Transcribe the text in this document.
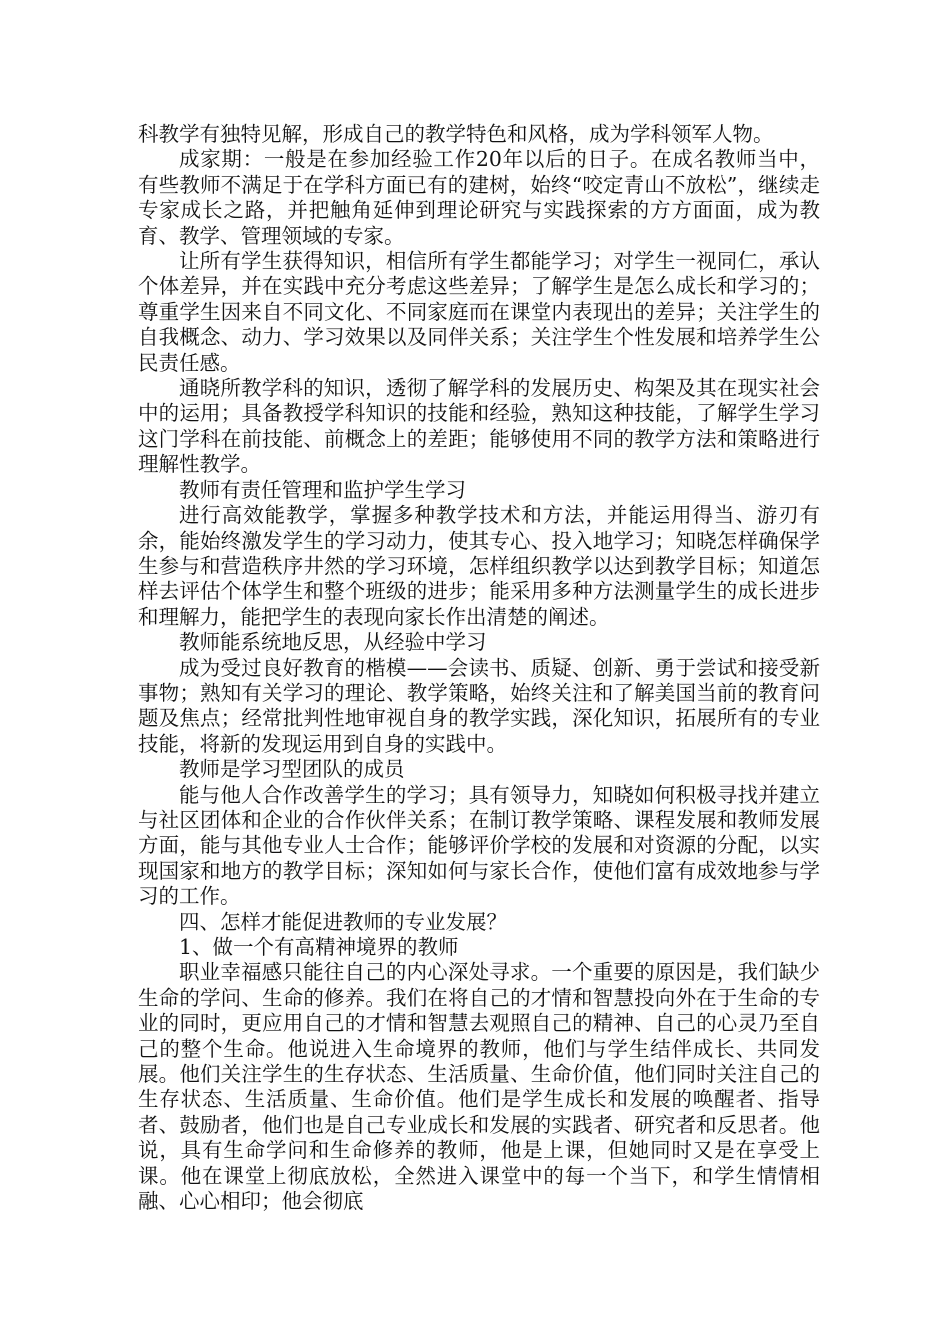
科教学有独特见解，形成自己的教学特色和风格，成为学科领军人物。

成家期：一般是在参加经验工作20年以后的日子。在成名教师当中，有些教师不满足于在学科方面已有的建树，始终“咬定青山不放松”，继续走专家成长之路，并把触角延伸到理论研究与实践探索的方方面面，成为教育、教学、管理领域的专家。

让所有学生获得知识，相信所有学生都能学习；对学生一视同仁，承认个体差异，并在实践中充分考虑这些差异；了解学生是怎么成长和学习的；尊重学生因来自不同文化、不同家庭而在课堂内表现出的差异；关注学生的自我概念、动力、学习效果以及同伴关系；关注学生个性发展和培养学生公民责任感。

通晓所教学科的知识，透彻了解学科的发展历史、构架及其在现实社会中的运用；具备教授学科知识的技能和经验，熟知这种技能，了解学生学习这门学科在前技能、前概念上的差距；能够使用不同的教学方法和策略进行理解性教学。

教师有责任管理和监护学生学习

进行高效能教学，掌握多种教学技术和方法，并能运用得当、游刃有余，能始终激发学生的学习动力，使其专心、投入地学习；知晓怎样确保学生参与和营造秩序井然的学习环境，怎样组织教学以达到教学目标；知道怎样去评估个体学生和整个班级的进步；能采用多种方法测量学生的成长进步和理解力，能把学生的表现向家长作出清楚的阐述。

教师能系统地反思，从经验中学习

成为受过良好教育的楷模——会读书、质疑、创新、勇于尝试和接受新事物；熟知有关学习的理论、教学策略，始终关注和了解美国当前的教育问题及焦点；经常批判性地审视自身的教学实践，深化知识，拓展所有的专业技能，将新的发现运用到自身的实践中。

教师是学习型团队的成员

能与他人合作改善学生的学习；具有领导力，知晓如何积极寻找并建立与社区团体和企业的合作伙伴关系；在制订教学策略、课程发展和教师发展方面，能与其他专业人士合作；能够评价学校的发展和对资源的分配，以实现国家和地方的教学目标；深知如何与家长合作，使他们富有成效地参与学习的工作。

四、怎样才能促进教师的专业发展？

1、做一个有高精神境界的教师

职业幸福感只能往自己的内心深处寻求。一个重要的原因是，我们缺少生命的学问、生命的修养。我们在将自己的才情和智慧投向外在于生命的专业的同时，更应用自己的才情和智慧去观照自己的精神、自己的心灵乃至自己的整个生命。他说进入生命境界的教师，他们与学生结伴成长、共同发展。他们关注学生的生存状态、生活质量、生命价值，他们同时关注自己的生存状态、生活质量、生命价值。他们是学生成长和发展的唤醒者、指导者、鼓励者，他们也是自己专业成长和发展的实践者、研究者和反思者。他说，具有生命学问和生命修养的教师，他是上课，但她同时又是在享受上课。他在课堂上彻底放松，全然进入课堂中的每一个当下，和学生情情相融、心心相印；他会彻底
